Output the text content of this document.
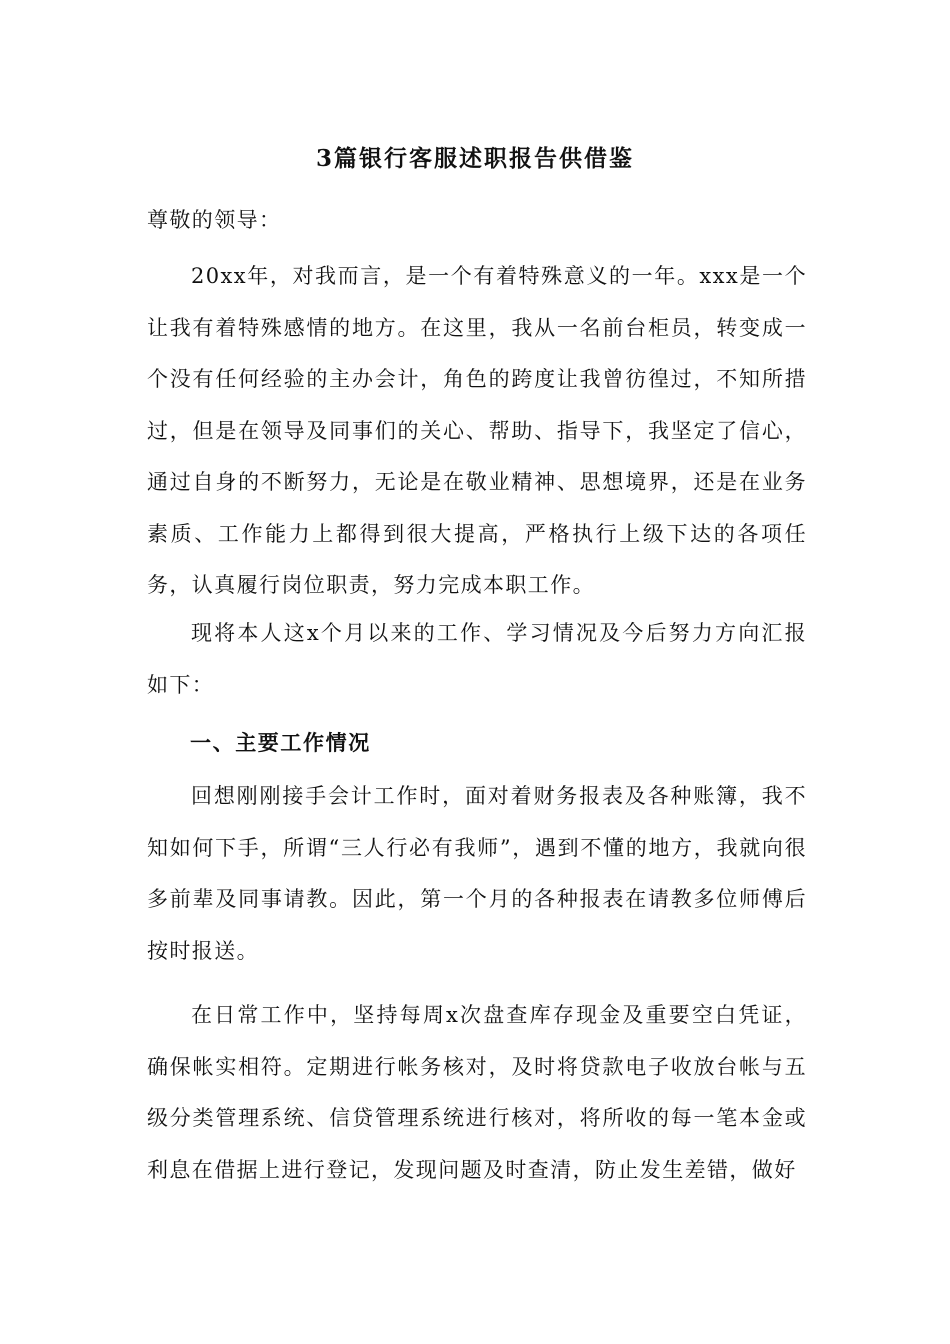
3篇银行客服述职报告供借鉴
尊敬的领导：

20xx年，对我而言，是一个有着特殊意义的一年。xxx是一个让我有着特殊感情的地方。在这里，我从一名前台柜员，转变成一个没有任何经验的主办会计，角色的跨度让我曾彷徨过，不知所措过，但是在领导及同事们的关心、帮助、指导下，我坚定了信心，通过自身的不断努力，无论是在敬业精神、思想境界，还是在业务素质、工作能力上都得到很大提高，严格执行上级下达的各项任务，认真履行岗位职责，努力完成本职工作。

现将本人这x个月以来的工作、学习情况及今后努力方向汇报如下：

一、主要工作情况

回想刚刚接手会计工作时，面对着财务报表及各种账簿，我不知如何下手，所谓“三人行必有我师”，遇到不懂的地方，我就向很多前辈及同事请教。因此，第一个月的各种报表在请教多位师傅后按时报送。

在日常工作中，坚持每周x次盘查库存现金及重要空白凭证，确保帐实相符。定期进行帐务核对，及时将贷款电子收放台帐与五级分类管理系统、信贷管理系统进行核对，将所收的每一笔本金或利息在借据上进行登记，发现问题及时查清，防止发生差错，做好
